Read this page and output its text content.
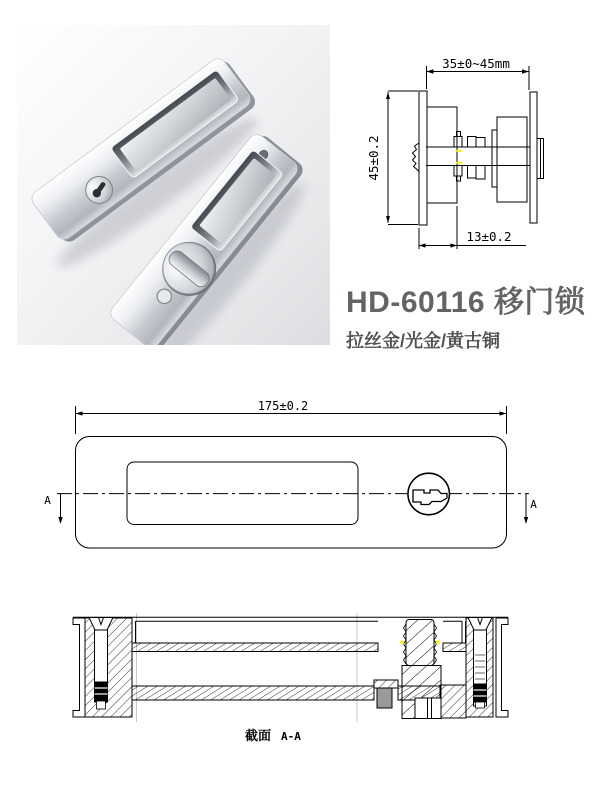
35±0~45mm
45±0.2
13±0.2
HD-60116 移门锁
拉丝金/光金/黄古铜
175±0.2
A	A
截面 A-A
